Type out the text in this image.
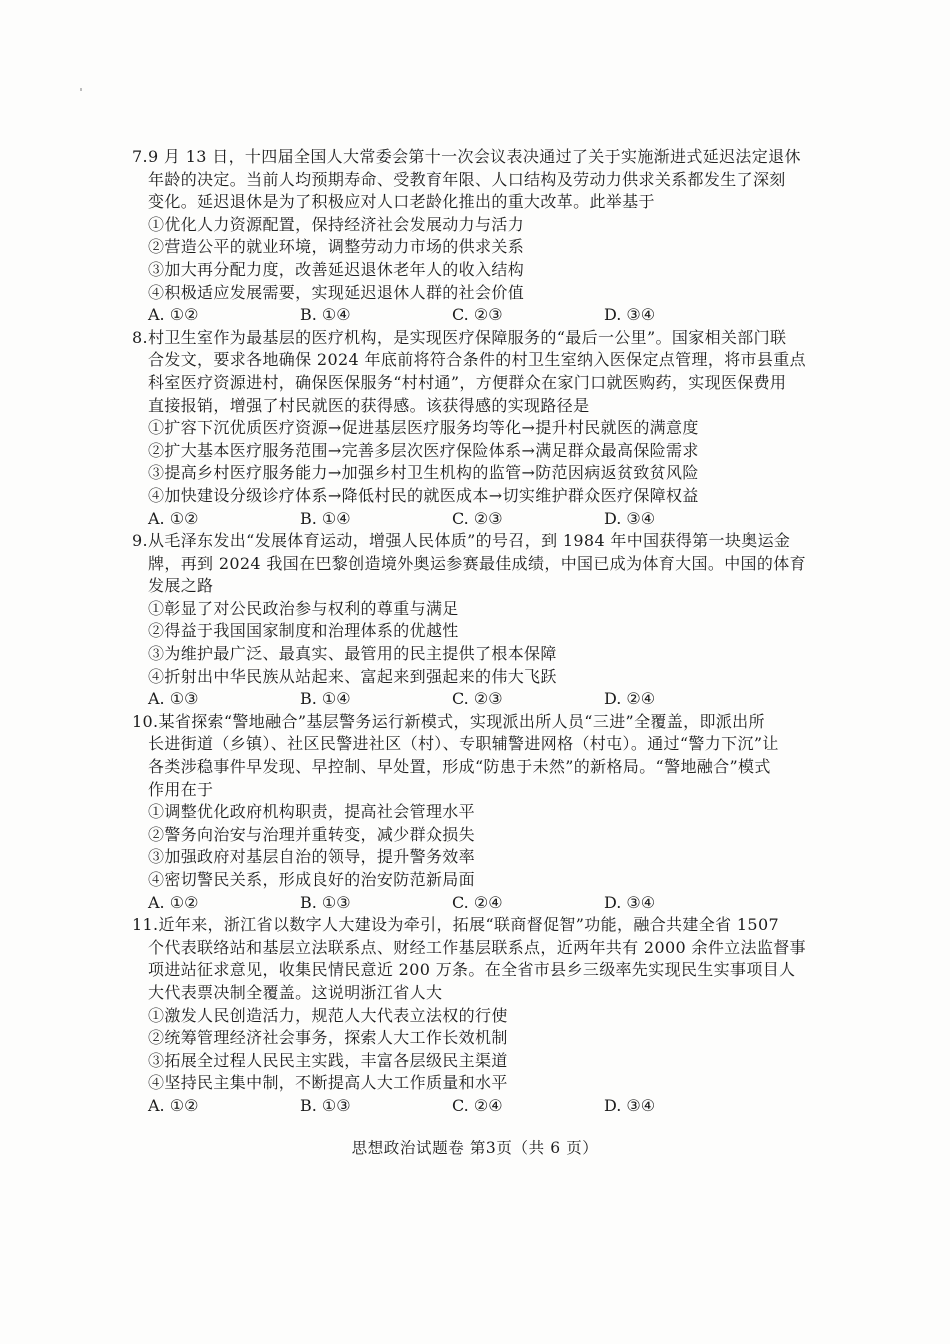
7.9 月 13 日，十四届全国人大常委会第十一次会议表决通过了关于实施渐进式延迟法定退休
年龄的决定。当前人均预期寿命、受教育年限、人口结构及劳动力供求关系都发生了深刻
变化。延迟退休是为了积极应对人口老龄化推出的重大改革。此举基于
①优化人力资源配置，保持经济社会发展动力与活力
②营造公平的就业环境，调整劳动力市场的供求关系
③加大再分配力度，改善延迟退休老年人的收入结构
④积极适应发展需要，实现延迟退休人群的社会价值
A. ①②	B. ①④	C. ②③	D. ③④
8.村卫生室作为最基层的医疗机构，是实现医疗保障服务的“最后一公里”。国家相关部门联
合发文，要求各地确保 2024 年底前将符合条件的村卫生室纳入医保定点管理，将市县重点
科室医疗资源进村，确保医保服务“村村通”，方便群众在家门口就医购药，实现医保费用
直接报销，增强了村民就医的获得感。该获得感的实现路径是
①扩容下沉优质医疗资源→促进基层医疗服务均等化→提升村民就医的满意度
②扩大基本医疗服务范围→完善多层次医疗保险体系→满足群众最高保险需求
③提高乡村医疗服务能力→加强乡村卫生机构的监管→防范因病返贫致贫风险
④加快建设分级诊疗体系→降低村民的就医成本→切实维护群众医疗保障权益
A. ①②	B. ①④	C. ②③	D. ③④
9.从毛泽东发出“发展体育运动，增强人民体质”的号召，到 1984 年中国获得第一块奥运金
牌，再到 2024 我国在巴黎创造境外奥运参赛最佳成绩，中国已成为体育大国。中国的体育
发展之路
①彰显了对公民政治参与权利的尊重与满足
②得益于我国国家制度和治理体系的优越性
③为维护最广泛、最真实、最管用的民主提供了根本保障
④折射出中华民族从站起来、富起来到强起来的伟大飞跃
A. ①③	B. ①④	C. ②③	D. ②④
10.某省探索“警地融合”基层警务运行新模式，实现派出所人员“三进”全覆盖，即派出所
长进街道（乡镇）、社区民警进社区（村）、专职辅警进网格（村屯）。通过“警力下沉”让
各类涉稳事件早发现、早控制、早处置，形成“防患于未然”的新格局。“警地融合”模式
作用在于
①调整优化政府机构职责，提高社会管理水平
②警务向治安与治理并重转变，减少群众损失
③加强政府对基层自治的领导，提升警务效率
④密切警民关系，形成良好的治安防范新局面
A. ①②	B. ①③	C. ②④	D. ③④
11.近年来，浙江省以数字人大建设为牵引，拓展“联商督促智”功能，融合共建全省 1507
个代表联络站和基层立法联系点、财经工作基层联系点，近两年共有 2000 余件立法监督事
项进站征求意见，收集民情民意近 200 万条。在全省市县乡三级率先实现民生实事项目人
大代表票决制全覆盖。这说明浙江省人大
①激发人民创造活力，规范人大代表立法权的行使
②统筹管理经济社会事务，探索人大工作长效机制
③拓展全过程人民民主实践，丰富各层级民主渠道
④坚持民主集中制，不断提高人大工作质量和水平
A. ①②	B. ①③	C. ②④	D. ③④
思想政治试题卷 第3页（共 6 页）
